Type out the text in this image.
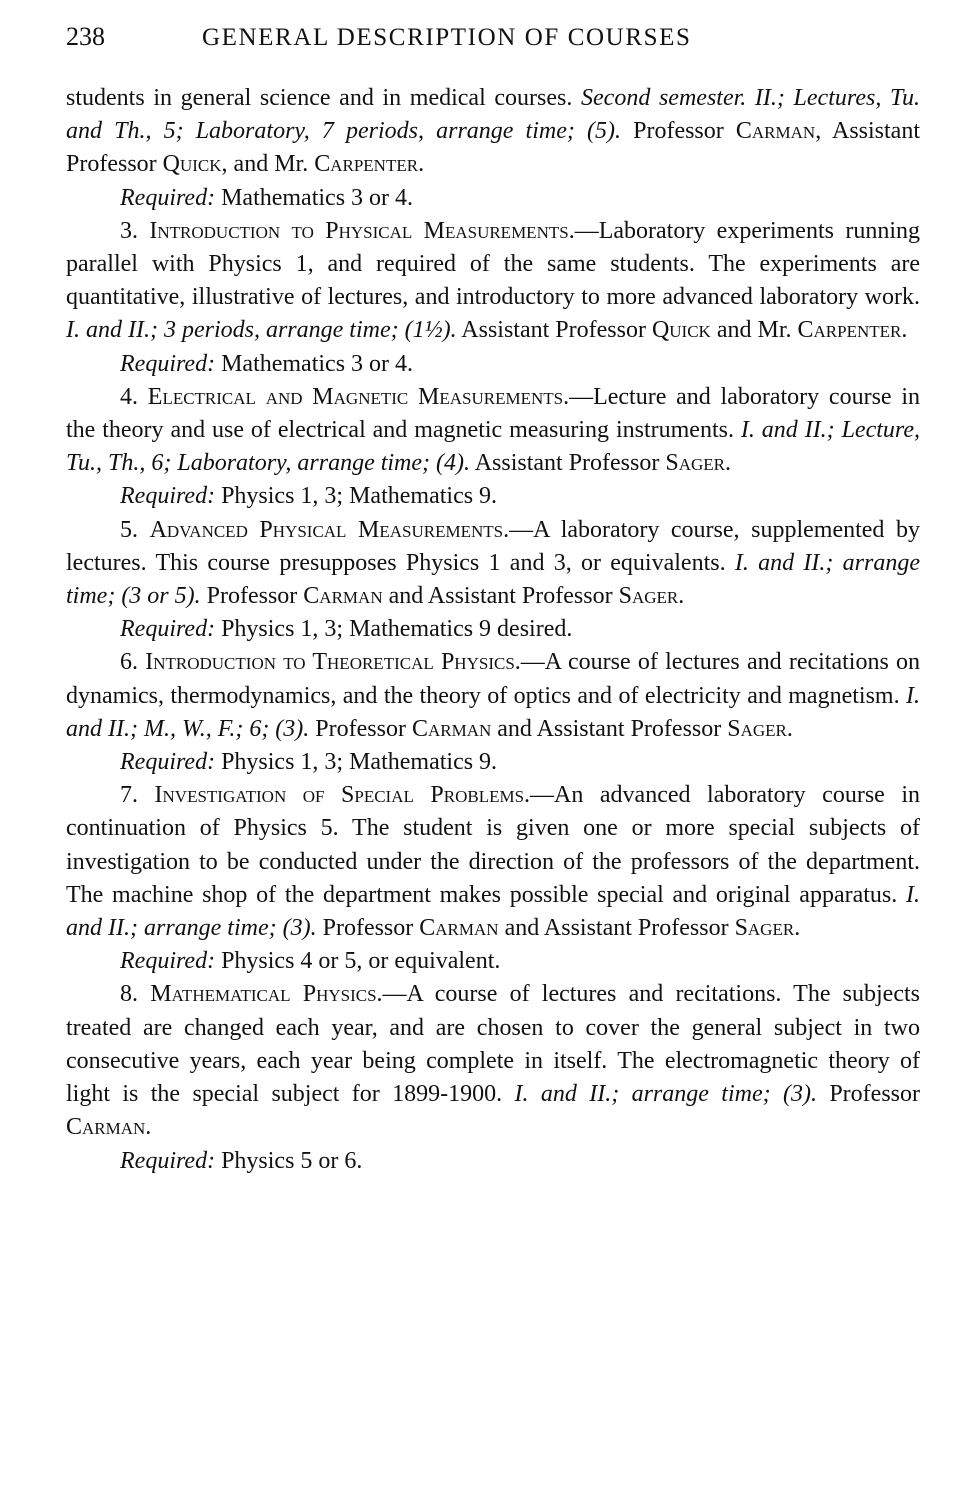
238	GENERAL DESCRIPTION OF COURSES

students in general science and in medical courses. Second semester. II.; Lectures, Tu. and Th., 5; Laboratory, 7 periods, arrange time; (5). Professor Carman, Assistant Professor Quick, and Mr. Carpenter.

Required: Mathematics 3 or 4.

3. Introduction to Physical Measurements.—Laboratory experiments running parallel with Physics 1, and required of the same students. The experiments are quantitative, illustrative of lectures, and introductory to more advanced laboratory work. I. and II.; 3 periods, arrange time; (1½). Assistant Professor Quick and Mr. Carpenter.

Required: Mathematics 3 or 4.

4. Electrical and Magnetic Measurements.—Lecture and laboratory course in the theory and use of electrical and magnetic measuring instruments. I. and II.; Lecture, Tu., Th., 6; Laboratory, arrange time; (4). Assistant Professor Sager.

Required: Physics 1, 3; Mathematics 9.

5. Advanced Physical Measurements.—A laboratory course, supplemented by lectures. This course presupposes Physics 1 and 3, or equivalents. I. and II.; arrange time; (3 or 5). Professor Carman and Assistant Professor Sager.

Required: Physics 1, 3; Mathematics 9 desired.

6. Introduction to Theoretical Physics.—A course of lectures and recitations on dynamics, thermodynamics, and the theory of optics and of electricity and magnetism. I. and II.; M., W., F.; 6; (3). Professor Carman and Assistant Professor Sager.

Required: Physics 1, 3; Mathematics 9.

7. Investigation of Special Problems.—An advanced laboratory course in continuation of Physics 5. The student is given one or more special subjects of investigation to be conducted under the direction of the professors of the department. The machine shop of the department makes possible special and original apparatus. I. and II.; arrange time; (3). Professor Carman and Assistant Professor Sager.

Required: Physics 4 or 5, or equivalent.

8. Mathematical Physics.—A course of lectures and recitations. The subjects treated are changed each year, and are chosen to cover the general subject in two consecutive years, each year being complete in itself. The electromagnetic theory of light is the special subject for 1899-1900. I. and II.; arrange time; (3). Professor Carman.

Required: Physics 5 or 6.
